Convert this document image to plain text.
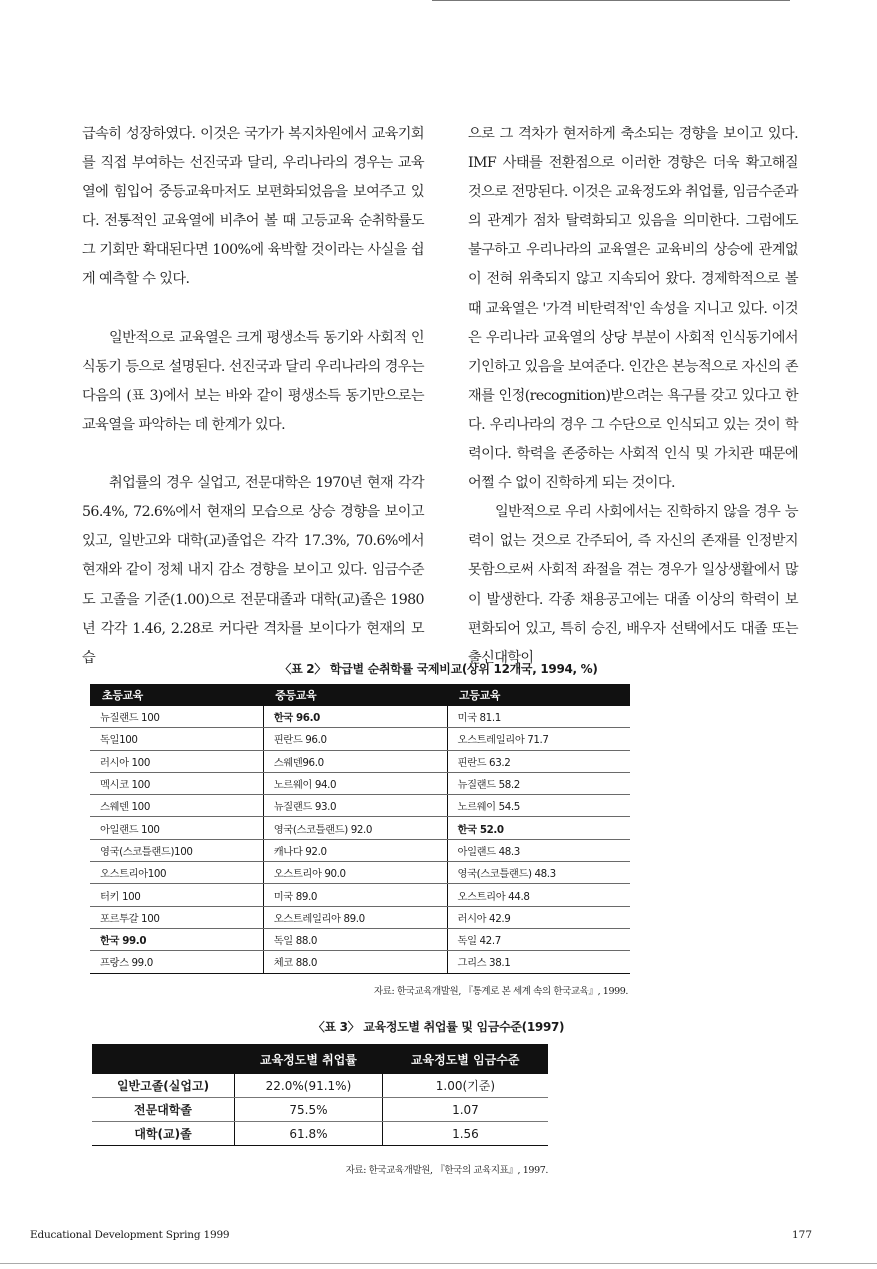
급속히 성장하였다. 이것은 국가가 복지차원에서 교육기회를 직접 부여하는 선진국과 달리, 우리나라의 경우는 교육열에 힘입어 중등교육마저도 보편화되었음을 보여주고 있다. 전통적인 교육열에 비추어 볼 때 고등교육 순취학률도 그 기회만 확대된다면 100%에 육박할 것이라는 사실을 쉽게 예측할 수 있다.

일반적으로 교육열은 크게 평생소득 동기와 사회적 인식동기 등으로 설명된다. 선진국과 달리 우리나라의 경우는 다음의 (표 3)에서 보는 바와 같이 평생소득 동기만으로는 교육열을 파악하는 데 한계가 있다.

취업률의 경우 실업고, 전문대학은 1970년 현재 각각 56.4%, 72.6%에서 현재의 모습으로 상승 경향을 보이고 있고, 일반고와 대학(교)졸업은 각각 17.3%, 70.6%에서 현재와 같이 정체 내지 감소 경향을 보이고 있다. 임금수준도 고졸을 기준(1.00)으로 전문대졸과 대학(교)졸은 1980년 각각 1.46, 2.28로 커다란 격차를 보이다가 현재의 모습

으로 그 격차가 현저하게 축소되는 경향을 보이고 있다. IMF 사태를 전환점으로 이러한 경향은 더욱 확고해질 것으로 전망된다. 이것은 교육정도와 취업률, 임금수준과의 관계가 점차 탈력화되고 있음을 의미한다. 그럼에도 불구하고 우리나라의 교육열은 교육비의 상승에 관계없이 전혀 위축되지 않고 지속되어 왔다. 경제학적으로 볼 때 교육열은 '가격 비탄력적'인 속성을 지니고 있다. 이것은 우리나라 교육열의 상당 부분이 사회적 인식동기에서 기인하고 있음을 보여준다. 인간은 본능적으로 자신의 존재를 인정(recognition)받으려는 욕구를 갖고 있다고 한다. 우리나라의 경우 그 수단으로 인식되고 있는 것이 학력이다. 학력을 존중하는 사회적 인식 및 가치관 때문에 어쩔 수 없이 진학하게 되는 것이다.

일반적으로 우리 사회에서는 진학하지 않을 경우 능력이 없는 것으로 간주되어, 즉 자신의 존재를 인정받지 못함으로써 사회적 좌절을 겪는 경우가 일상생활에서 많이 발생한다. 각종 채용공고에는 대졸 이상의 학력이 보편화되어 있고, 특히 승진, 배우자 선택에서도 대졸 또는 출신대학이

〈표 2〉 학급별 순취학률 국제비교(상위 12개국, 1994, %)
초등교육	중등교육	고등교육
뉴질랜드 100	한국 96.0	미국 81.1
독일100	핀란드 96.0	오스트레일리아 71.7
러시아 100	스웨덴96.0	핀란드 63.2
멕시코 100	노르웨이 94.0	뉴질랜드 58.2
스웨덴 100	뉴질랜드 93.0	노르웨이 54.5
아일랜드 100	영국(스코틀랜드) 92.0	한국 52.0
영국(스코틀랜드)100	캐나다 92.0	아일랜드 48.3
오스트리아100	오스트리아 90.0	영국(스코틀랜드) 48.3
터키 100	미국 89.0	오스트리아 44.8
포르투갈 100	오스트레일리아 89.0	러시아 42.9
한국 99.0	독일 88.0	독일 42.7
프랑스 99.0	체코 88.0	그리스 38.1
자료: 한국교육개발원, 『통계로 본 세계 속의 한국교육』, 1999.
〈표 3〉 교육정도별 취업률 및 임금수준(1997)
	교육정도별 취업률	교육정도별 임금수준
일반고졸(실업고)	22.0%(91.1%)	1.00(기준)
전문대학졸	75.5%	1.07
대학(교)졸	61.8%	1.56
자료: 한국교육개발원, 『한국의 교육지표』, 1997.
Educational Development Spring 1999	177
